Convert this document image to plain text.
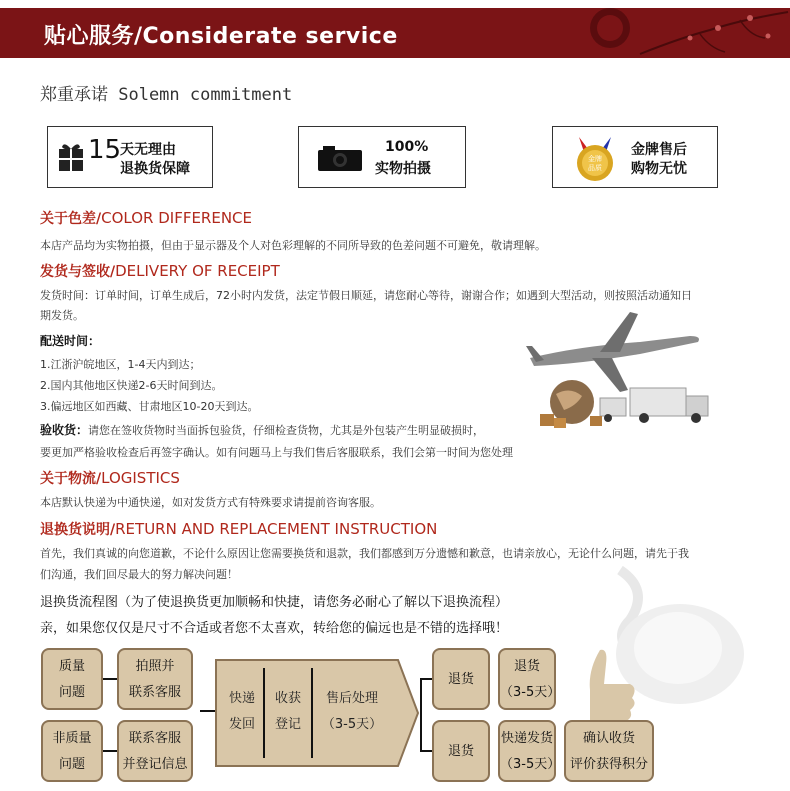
贴心服务/Considerate service
郑重承诺 Solemn commitment
15
天无理由
退换货保障
100%
实物拍摄
金牌
品质
金牌售后
购物无忧
关于色差/COLOR DIFFERENCE
本店产品均为实物拍摄，但由于显示器及个人对色彩理解的不同所导致的色差问题不可避免，敬请理解。
发货与签收/DELIVERY OF RECEIPT
发货时间：订单时间，订单生成后，72小时内发货，法定节假日顺延，请您耐心等待，谢谢合作；如遇到大型活动，则按照活动通知日
期发货。
配送时间：
1.江浙沪皖地区，1-4天内到达；
2.国内其他地区快递2-6天时间到达。
3.偏远地区如西藏、甘肃地区10-20天到达。
验收货：请您在签收货物时当面拆包验货，仔细检查货物，尤其是外包装产生明显破损时，
要更加严格验收检查后再签字确认。如有问题马上与我们售后客服联系，我们会第一时间为您处理
关于物流/LOGISTICS
本店默认快递为中通快递，如对发货方式有特殊要求请提前咨询客服。
退换货说明/RETURN AND REPLACEMENT INSTRUCTION
首先，我们真诚的向您道歉，不论什么原因让您需要换货和退款，我们都感到万分遗憾和歉意，也请亲放心，无论什么问题，请先于我
们沟通，我们回尽最大的努力解决问题！
退换货流程图（为了使退换货更加顺畅和快捷，请您务必耐心了解以下退换流程）
亲，如果您仅仅是尺寸不合适或者您不太喜欢，转给您的偏远也是不错的选择哦！
质量
问题
拍照并
联系客服
非质量
问题
联系客服
并登记信息
快递
发回
收获
登记
售后处理
（3-5天）
退货
退货
（3-5天）
退货
快递发货
（3-5天）
确认收货
评价获得积分
